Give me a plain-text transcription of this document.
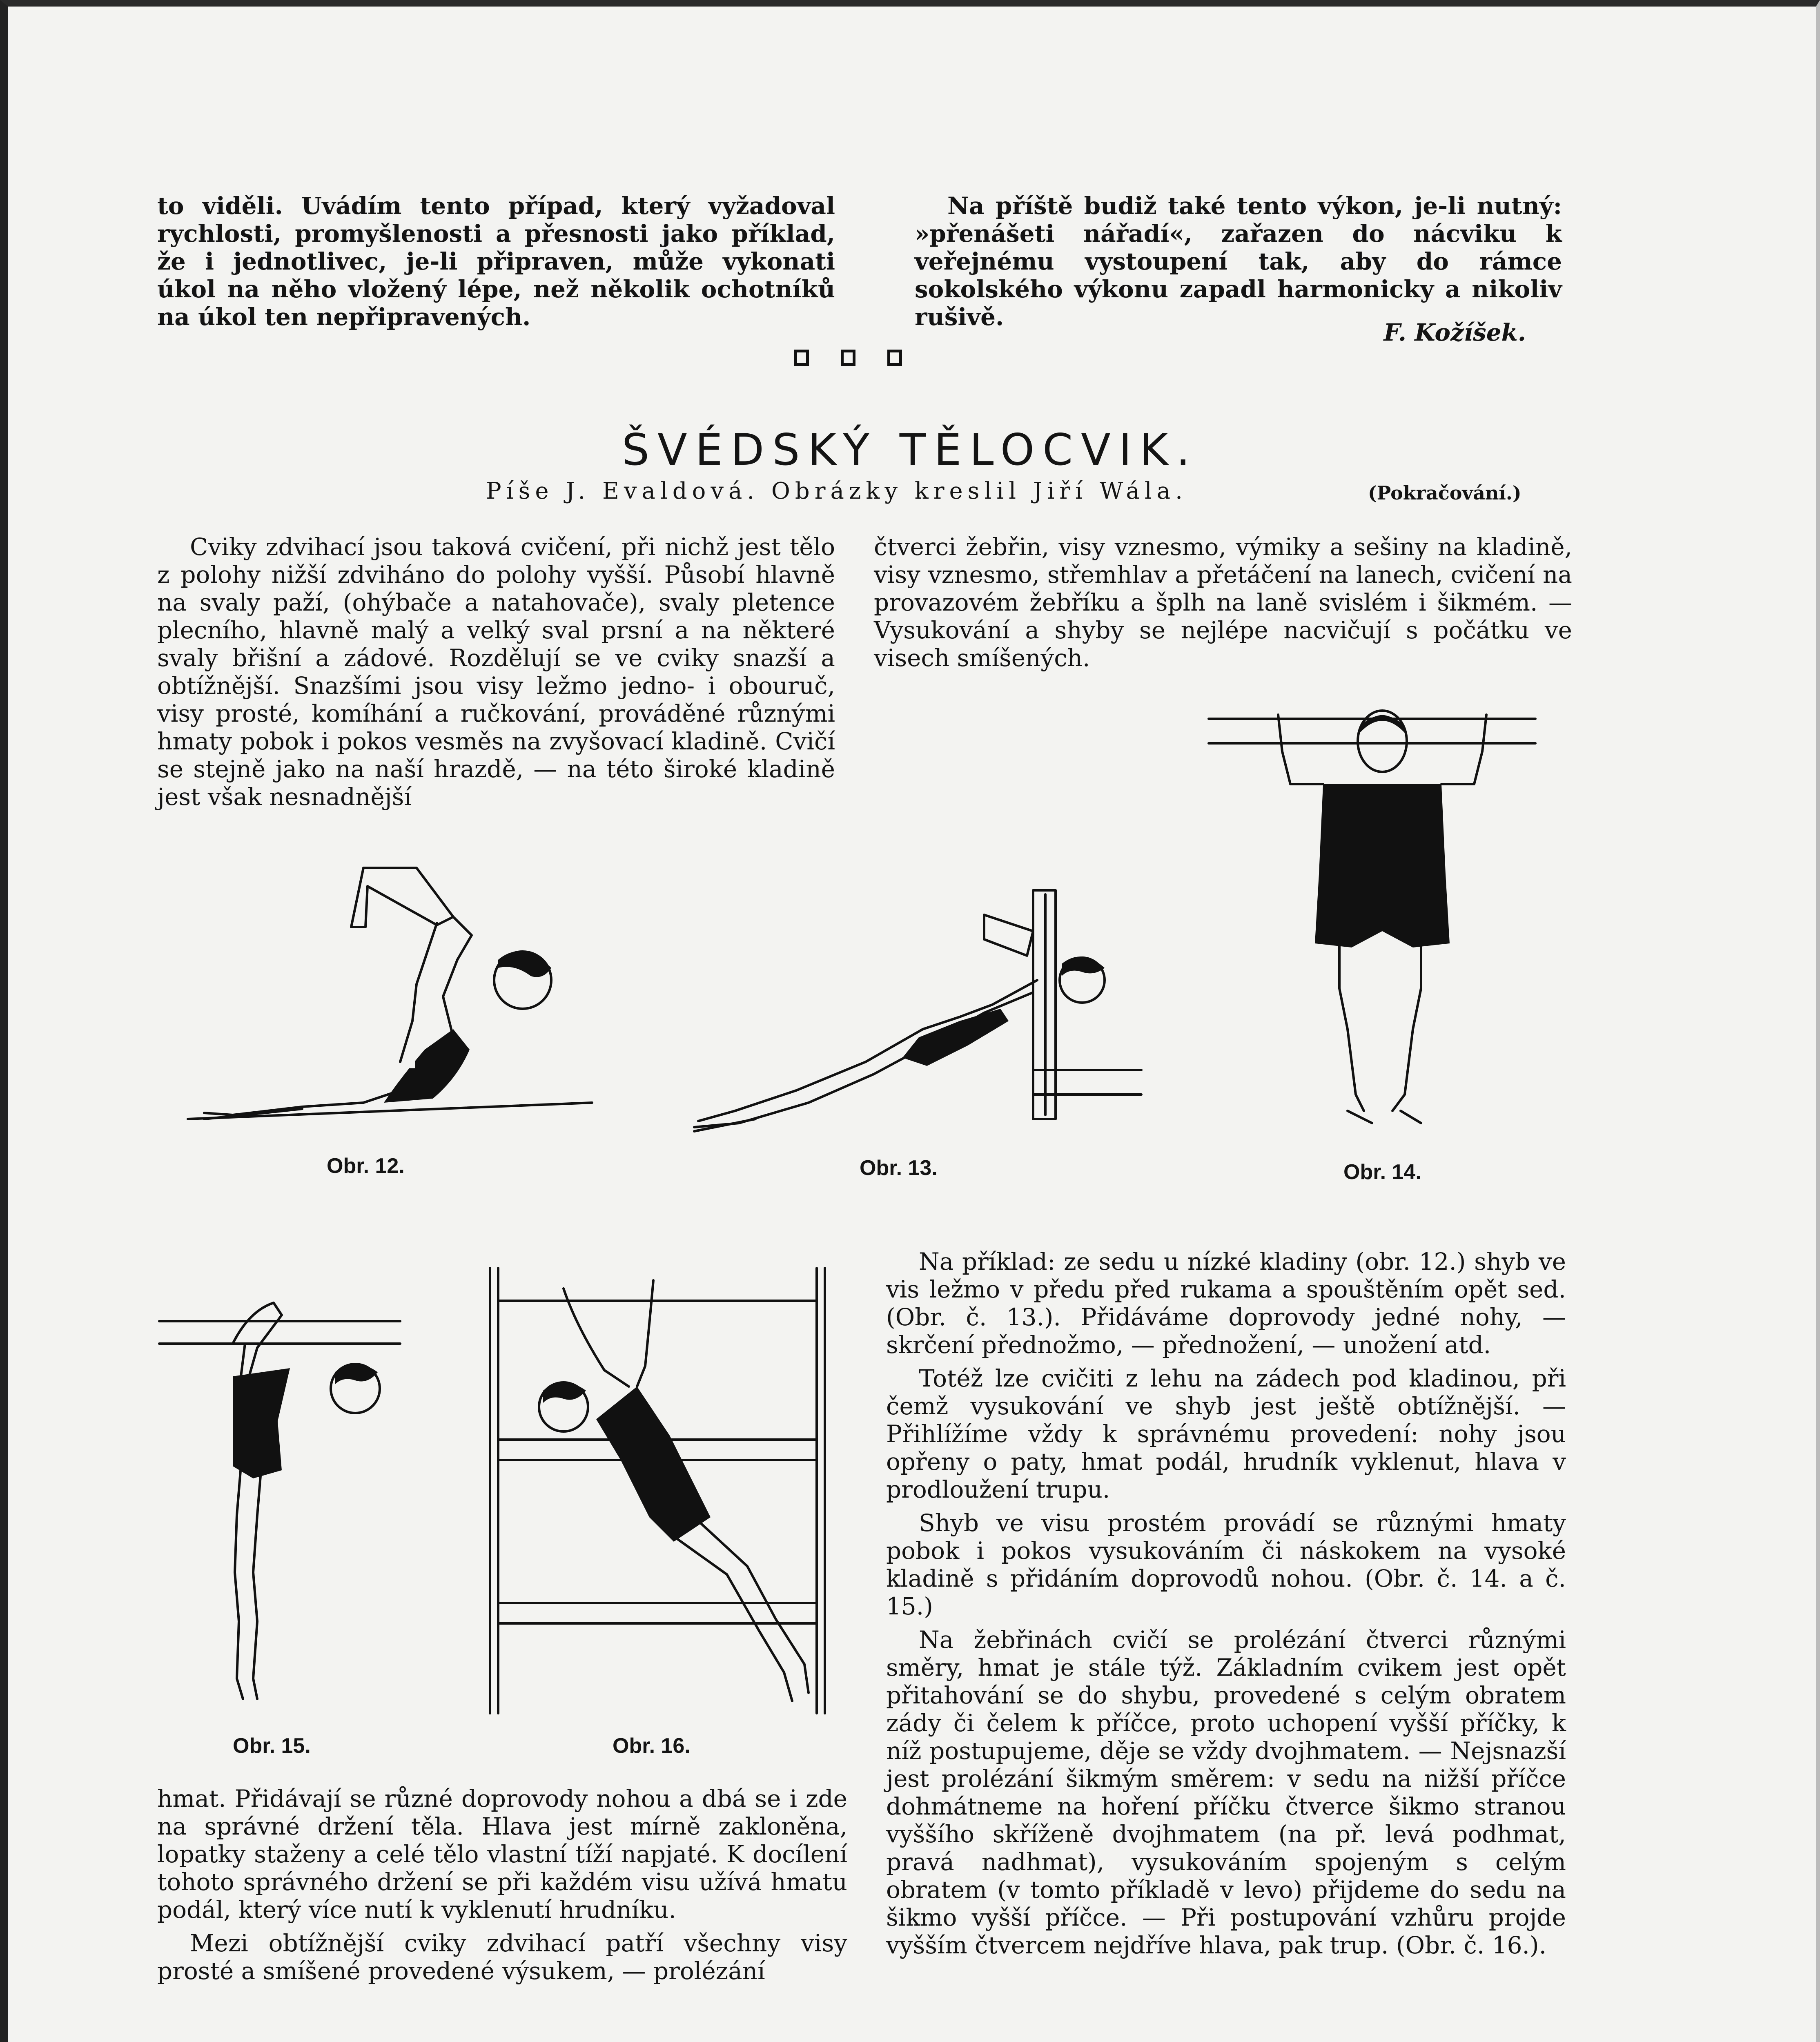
to viděli. Uvádím tento případ, který vyžadoval rychlosti, promyšlenosti a přesnosti jako příklad, že i jednotlivec, je-li připraven, může vykonati úkol na něho vložený lépe, než několik ochotníků na úkol ten nepřipravených.

Na příště budiž také tento výkon, je-li nutný: »přenášeti nářadí«, zařazen do nácviku k veřejnému vystoupení tak, aby do rámce sokolského výkonu zapadl harmonicky a nikoliv rušivě.

F. Kožíšek.
ŠVÉDSKÝ TĚLOCVIK.
Píše J. Evaldová. Obrázky kreslil Jiří Wála.	(Pokračování.)

Cviky zdvihací jsou taková cvičení, při nichž jest tělo z polohy nižší zdviháno do polohy vyšší. Působí hlavně na svaly paží, (ohýbače a natahovače), svaly pletence plecního, hlavně malý a velký sval prsní a na některé svaly břišní a zádové. Rozdělují se ve cviky snazší a obtížnější. Snazšími jsou visy ležmo jedno- i obouruč, visy prosté, komíhání a ručkování, prováděné různými hmaty pobok i pokos vesměs na zvyšovací kladině. Cvičí se stejně jako na naší hrazdě, — na této široké kladině jest však nesnadnější

čtverci žebřin, visy vznesmo, výmiky a sešiny na kladině, visy vznesmo, střemhlav a přetáčení na lanech, cvičení na provazovém žebříku a šplh na laně svislém i šikmém. — Vysukování a shyby se nejlépe nacvičují s počátku ve visech smíšených.

Obr. 12.	Obr. 13.	Obr. 14.
Obr. 15.	Obr. 16.

Na příklad: ze sedu u nízké kladiny (obr. 12.) shyb ve vis ležmo v předu před rukama a spouštěním opět sed. (Obr. č. 13.). Přidáváme doprovody jedné nohy, — skrčení přednožmo, — přednožení, — unožení atd.

Totéž lze cvičiti z lehu na zádech pod kladinou, při čemž vysukování ve shyb jest ještě obtížnější. — Přihlížíme vždy k správnému provedení: nohy jsou opřeny o paty, hmat podál, hrudník vyklenut, hlava v prodloužení trupu.

Shyb ve visu prostém provádí se různými hmaty pobok i pokos vysukováním či náskokem na vysoké kladině s přidáním doprovodů nohou. (Obr. č. 14. a č. 15.)

Na žebřinách cvičí se prolézání čtverci různými směry, hmat je stále týž. Základním cvikem jest opět přitahování se do shybu, provedené s celým obratem zády či čelem k příčce, proto uchopení vyšší příčky, k níž postupujeme, děje se vždy dvojhmatem. — Nejsnazší jest prolézání šikmým směrem: v sedu na nižší příčce dohmátneme na hoření příčku čtverce šikmo stranou vyššího skříženě dvojhmatem (na př. levá podhmat, pravá nadhmat), vysukováním spojeným s celým obratem (v tomto příkladě v levo) přijdeme do sedu na šikmo vyšší příčce. — Při postupování vzhůru projde vyšším čtvercem nejdříve hlava, pak trup. (Obr. č. 16.).

hmat. Přidávají se různé doprovody nohou a dbá se i zde na správné držení těla. Hlava jest mírně zakloněna, lopatky staženy a celé tělo vlastní tíží napjaté. K docílení tohoto správného držení se při každém visu užívá hmatu podál, který více nutí k vyklenutí hrudníku.

Mezi obtížnější cviky zdvihací patří všechny visy prosté a smíšené provedené výsukem, — prolézání
